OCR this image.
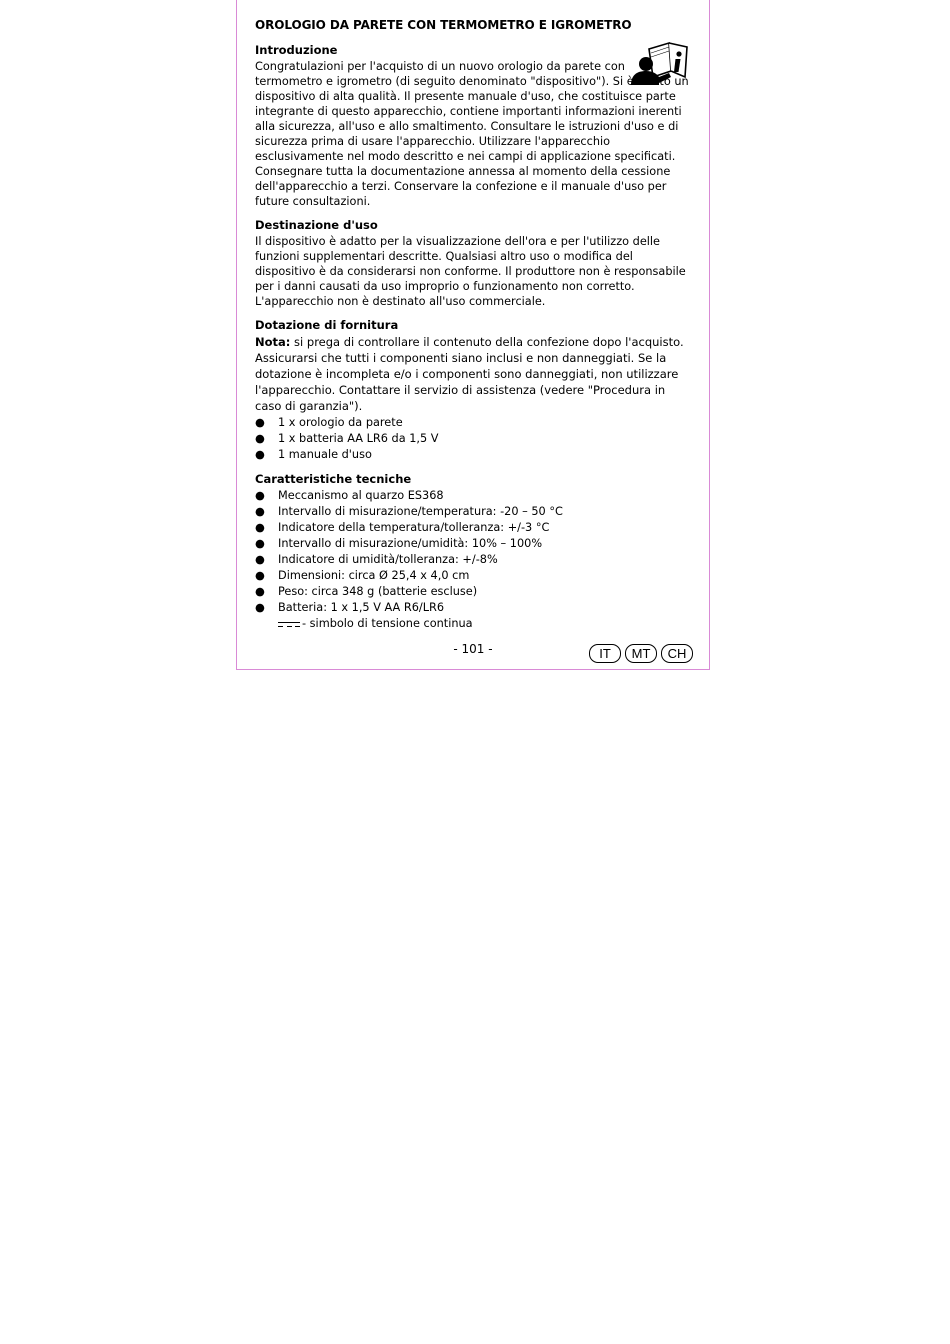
OROLOGIO DA PARETE CON TERMOMETRO E IGROMETRO
Introduzione

Congratulazioni per l'acquisto di un nuovo orologio da parete con termometro e igrometro (di seguito denominato "dispositivo"). Si è scelto un dispositivo di alta qualità. Il presente manuale d'uso, che costituisce parte integrante di questo apparecchio, contiene importanti informazioni inerenti alla sicurezza, all'uso e allo smaltimento. Consultare le istruzioni d'uso e di sicurezza prima di usare l'apparecchio. Utilizzare l'apparecchio esclusivamente nel modo descritto e nei campi di applicazione specificati.

Consegnare tutta la documentazione annessa al momento della cessione dell'apparecchio a terzi. Conservare la confezione e il manuale d'uso per future consultazioni.

Destinazione d'uso

Il dispositivo è adatto per la visualizzazione dell'ora e per l'utilizzo delle funzioni supplementari descritte. Qualsiasi altro uso o modifica del dispositivo è da considerarsi non conforme. Il produttore non è responsabile per i danni causati da uso improprio o funzionamento non corretto. L'apparecchio non è destinato all'uso commerciale.

Dotazione di fornitura

Nota: si prega di controllare il contenuto della confezione dopo l'acquisto. Assicurarsi che tutti i componenti siano inclusi e non danneggiati. Se la dotazione è incompleta e/o i componenti sono danneggiati, non utilizzare l'apparecchio. Contattare il servizio di assistenza (vedere "Procedura in caso di garanzia").

● 1 x orologio da parete
● 1 x batteria AA LR6 da 1,5 V
● 1 manuale d'uso
Caratteristiche tecniche
● Meccanismo al quarzo ES368
● Intervallo di misurazione/temperatura: -20 – 50 °C
● Indicatore della temperatura/tolleranza: +/-3 °C
● Intervallo di misurazione/umidità: 10% – 100%
● Indicatore di umidità/tolleranza: +/-8%
● Dimensioni: circa Ø 25,4 x 4,0 cm
● Peso: circa 348 g (batterie escluse)
● Batteria: 1 x 1,5 V AA R6/LR6
- simbolo di tensione continua
- 101 -	IT	MT	CH
